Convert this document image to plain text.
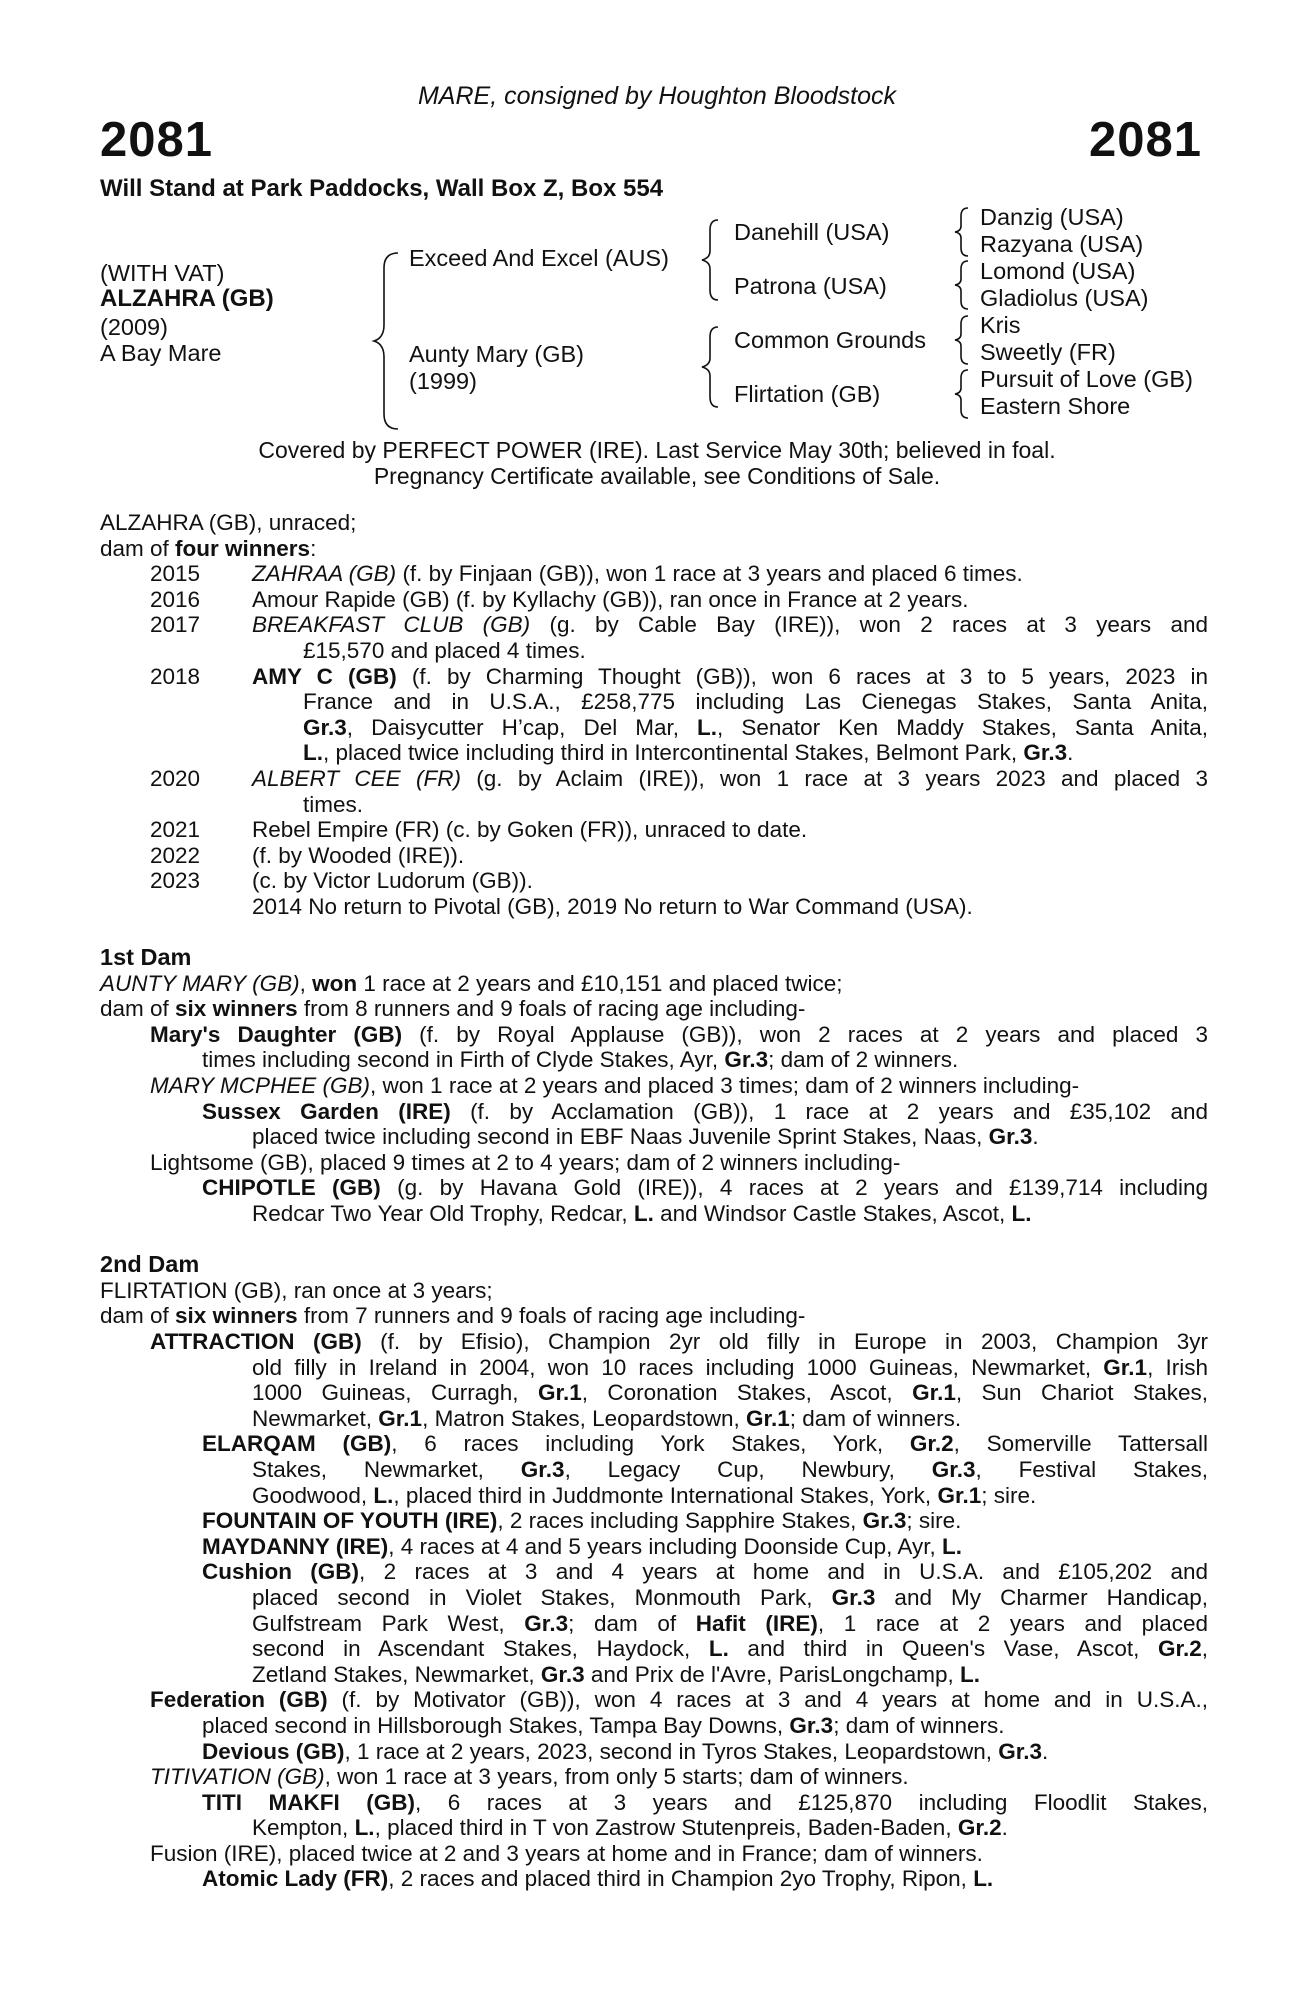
MARE, consigned by Houghton Bloodstock
2081	2081
Will Stand at Park Paddocks, Wall Box Z, Box 554
(WITH VAT)
ALZAHRA (GB)
(2009)
A Bay Mare
Exceed And Excel (AUS)
Aunty Mary (GB)
(1999)
Danehill (USA)
Patrona (USA)
Common Grounds
Flirtation (GB)
Danzig (USA)
Razyana (USA)
Lomond (USA)
Gladiolus (USA)
Kris
Sweetly (FR)
Pursuit of Love (GB)
Eastern Shore
Covered by PERFECT POWER (IRE). Last Service May 30th; believed in foal.
Pregnancy Certificate available, see Conditions of Sale.
ALZAHRA (GB), unraced;
dam of four winners:
2015 ZAHRAA (GB) (f. by Finjaan (GB)), won 1 race at 3 years and placed 6 times.
2016 Amour Rapide (GB) (f. by Kyllachy (GB)), ran once in France at 2 years.
2017 BREAKFAST CLUB (GB) (g. by Cable Bay (IRE)), won 2 races at 3 years and
£15,570 and placed 4 times.
2018 AMY C (GB) (f. by Charming Thought (GB)), won 6 races at 3 to 5 years, 2023 in
France and in U.S.A., £258,775 including Las Cienegas Stakes, Santa Anita,
Gr.3, Daisycutter H’cap, Del Mar, L., Senator Ken Maddy Stakes, Santa Anita,
L., placed twice including third in Intercontinental Stakes, Belmont Park, Gr.3.
2020 ALBERT CEE (FR) (g. by Aclaim (IRE)), won 1 race at 3 years 2023 and placed 3
times.
2021 Rebel Empire (FR) (c. by Goken (FR)), unraced to date.
2022 (f. by Wooded (IRE)).
2023 (c. by Victor Ludorum (GB)).
2014 No return to Pivotal (GB), 2019 No return to War Command (USA).
1st Dam
AUNTY MARY (GB), won 1 race at 2 years and £10,151 and placed twice;
dam of six winners from 8 runners and 9 foals of racing age including-
Mary's Daughter (GB) (f. by Royal Applause (GB)), won 2 races at 2 years and placed 3
times including second in Firth of Clyde Stakes, Ayr, Gr.3; dam of 2 winners.
MARY MCPHEE (GB), won 1 race at 2 years and placed 3 times; dam of 2 winners including-
Sussex Garden (IRE) (f. by Acclamation (GB)), 1 race at 2 years and £35,102 and
placed twice including second in EBF Naas Juvenile Sprint Stakes, Naas, Gr.3.
Lightsome (GB), placed 9 times at 2 to 4 years; dam of 2 winners including-
CHIPOTLE (GB) (g. by Havana Gold (IRE)), 4 races at 2 years and £139,714 including
Redcar Two Year Old Trophy, Redcar, L. and Windsor Castle Stakes, Ascot, L.
2nd Dam
FLIRTATION (GB), ran once at 3 years;
dam of six winners from 7 runners and 9 foals of racing age including-
ATTRACTION (GB) (f. by Efisio), Champion 2yr old filly in Europe in 2003, Champion 3yr
old filly in Ireland in 2004, won 10 races including 1000 Guineas, Newmarket, Gr.1, Irish
1000 Guineas, Curragh, Gr.1, Coronation Stakes, Ascot, Gr.1, Sun Chariot Stakes,
Newmarket, Gr.1, Matron Stakes, Leopardstown, Gr.1; dam of winners.
ELARQAM (GB), 6 races including York Stakes, York, Gr.2, Somerville Tattersall
Stakes, Newmarket, Gr.3, Legacy Cup, Newbury, Gr.3, Festival Stakes,
Goodwood, L., placed third in Juddmonte International Stakes, York, Gr.1; sire.
FOUNTAIN OF YOUTH (IRE), 2 races including Sapphire Stakes, Gr.3; sire.
MAYDANNY (IRE), 4 races at 4 and 5 years including Doonside Cup, Ayr, L.
Cushion (GB), 2 races at 3 and 4 years at home and in U.S.A. and £105,202 and
placed second in Violet Stakes, Monmouth Park, Gr.3 and My Charmer Handicap,
Gulfstream Park West, Gr.3; dam of Hafit (IRE), 1 race at 2 years and placed
second in Ascendant Stakes, Haydock, L. and third in Queen's Vase, Ascot, Gr.2,
Zetland Stakes, Newmarket, Gr.3 and Prix de l'Avre, ParisLongchamp, L.
Federation (GB) (f. by Motivator (GB)), won 4 races at 3 and 4 years at home and in U.S.A.,
placed second in Hillsborough Stakes, Tampa Bay Downs, Gr.3; dam of winners.
Devious (GB), 1 race at 2 years, 2023, second in Tyros Stakes, Leopardstown, Gr.3.
TITIVATION (GB), won 1 race at 3 years, from only 5 starts; dam of winners.
TITI MAKFI (GB), 6 races at 3 years and £125,870 including Floodlit Stakes,
Kempton, L., placed third in T von Zastrow Stutenpreis, Baden-Baden, Gr.2.
Fusion (IRE), placed twice at 2 and 3 years at home and in France; dam of winners.
Atomic Lady (FR), 2 races and placed third in Champion 2yo Trophy, Ripon, L.
